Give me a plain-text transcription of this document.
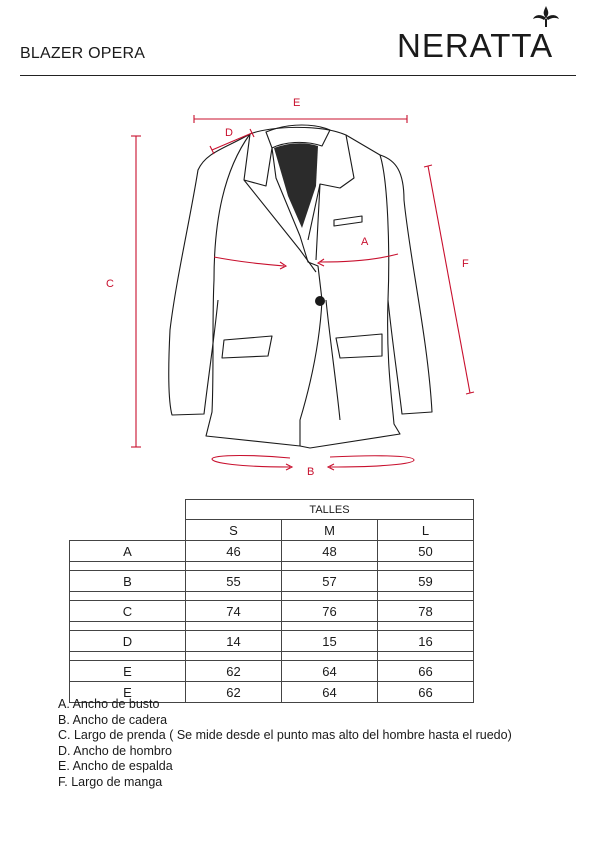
BLAZER OPERA	NERATTA
E
D
A
C
F
B
	TALLES		
	S	M	L
A	46	48	50

B	55	57	59

C	74	76	78

D	14	15	16

E	62	64	66
E	62	64	66
A. Ancho de busto
B. Ancho de cadera
C. Largo de prenda ( Se mide desde el punto mas alto del hombre hasta el ruedo)
D. Ancho de hombro
E. Ancho de espalda
F. Largo de manga
